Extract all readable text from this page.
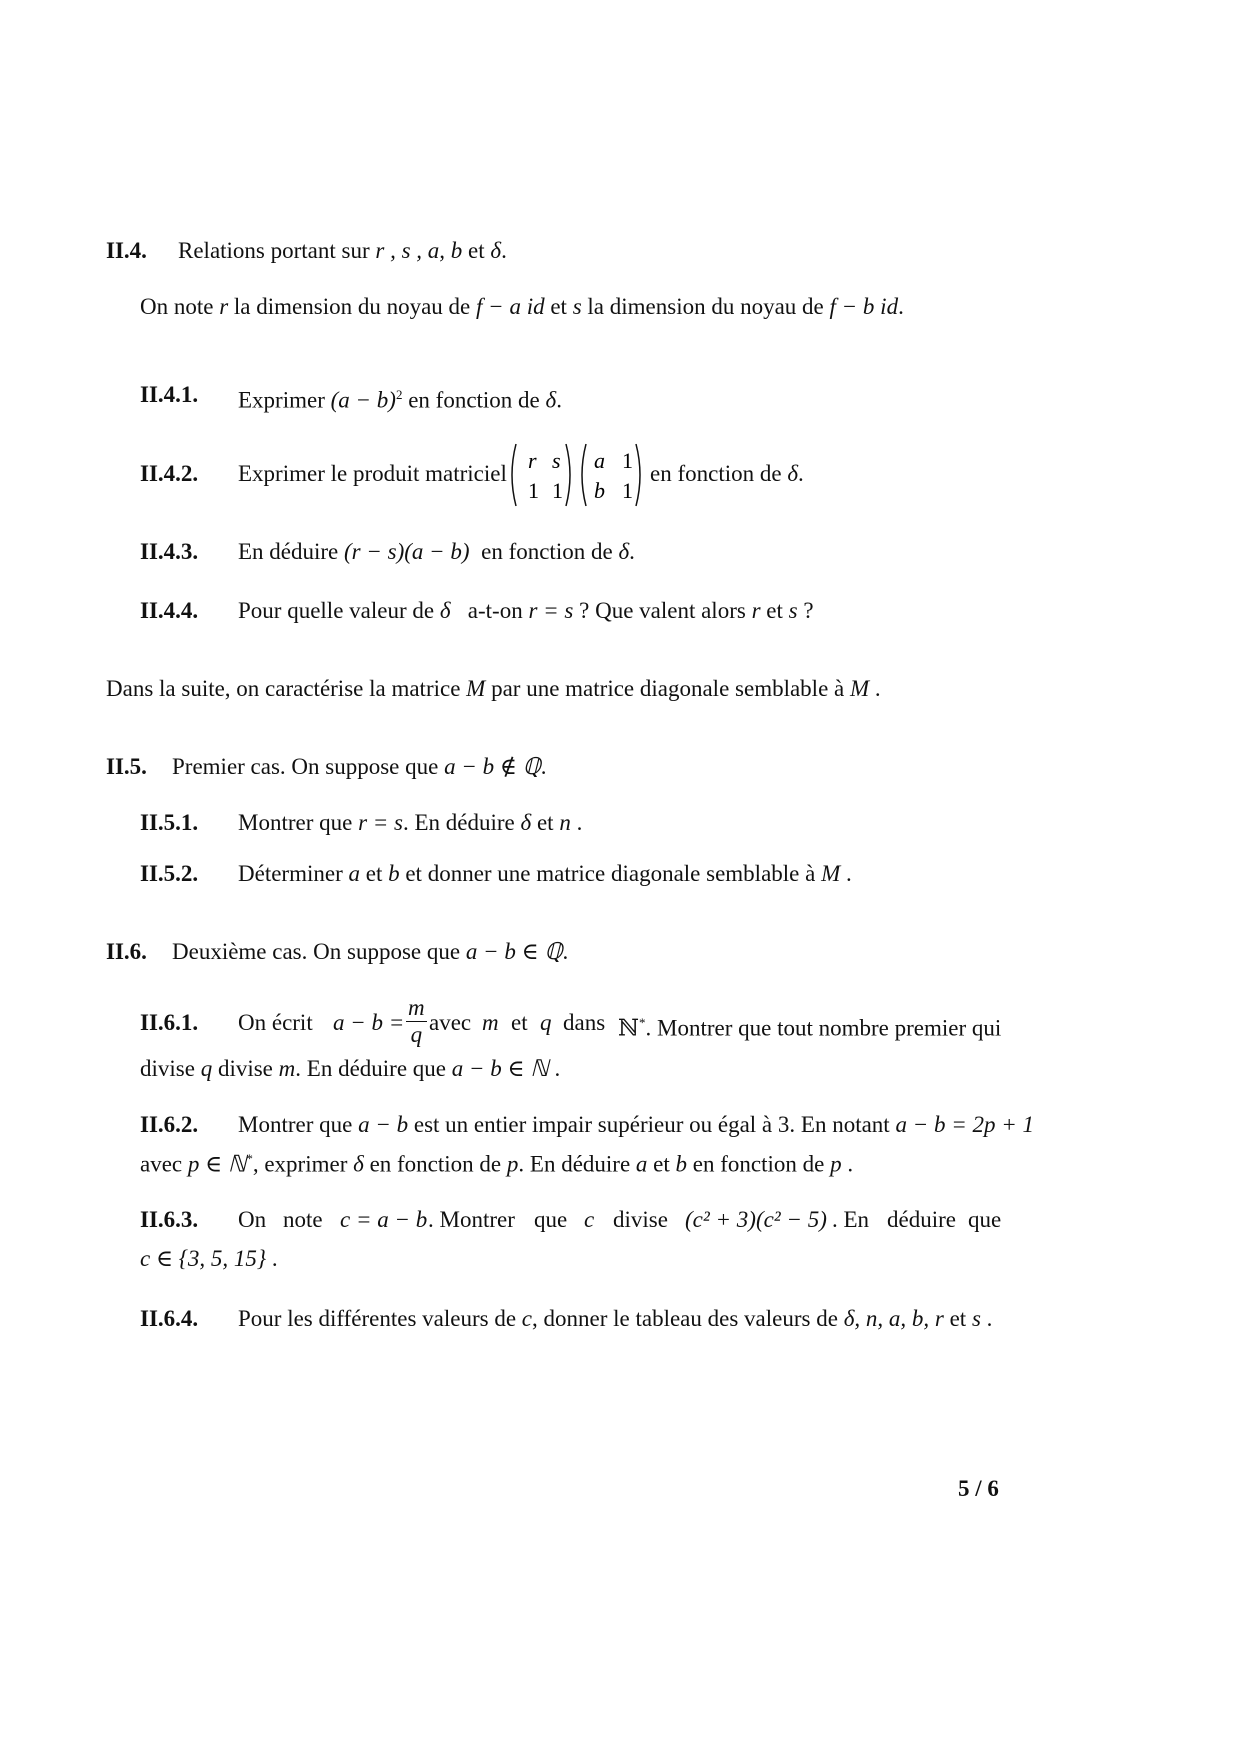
II.4.	Relations portant sur r , s , a, b et δ.
On note r la dimension du noyau de f − a id et s la dimension du noyau de f − b id.
II.4.1. Exprimer $(a - b)^2$ en fonction de δ.
II.4.2. Exprimer le produit matriciel
r s
1 1
a 1
b 1
en fonction de δ.
II.4.3. En déduire (r − s)(a − b) en fonction de δ.
II.4.4. Pour quelle valeur de δ a-t-on r = s ? Que valent alors r et s ?
Dans la suite, on caractérise la matrice M par une matrice diagonale semblable à M .
II.5. Premier cas. On suppose que a − b ∉ ℚ.
II.5.1. Montrer que r = s. En déduire δ et n .
II.5.2. Déterminer a et b et donner une matrice diagonale semblable à M .
II.6. Deuxième cas. On suppose que a − b ∈ ℚ.
II.6.1. On écrit $a - b = \frac{m}{q}$ avec m et q dans ℕ*. Montrer que tout nombre premier qui
divise q divise m. En déduire que a − b ∈ ℕ .
II.6.2. Montrer que a − b est un entier impair supérieur ou égal à 3. En notant a − b = 2p + 1
avec p ∈ ℕ*, exprimer δ en fonction de p. En déduire a et b en fonction de p .
II.6.3. On note c = a − b . Montrer que c divise (c² + 3)(c² − 5) . En déduire que
c ∈ {3, 5, 15} .
II.6.4. Pour les différentes valeurs de c, donner le tableau des valeurs de δ, n, a, b, r et s .
5 / 6
